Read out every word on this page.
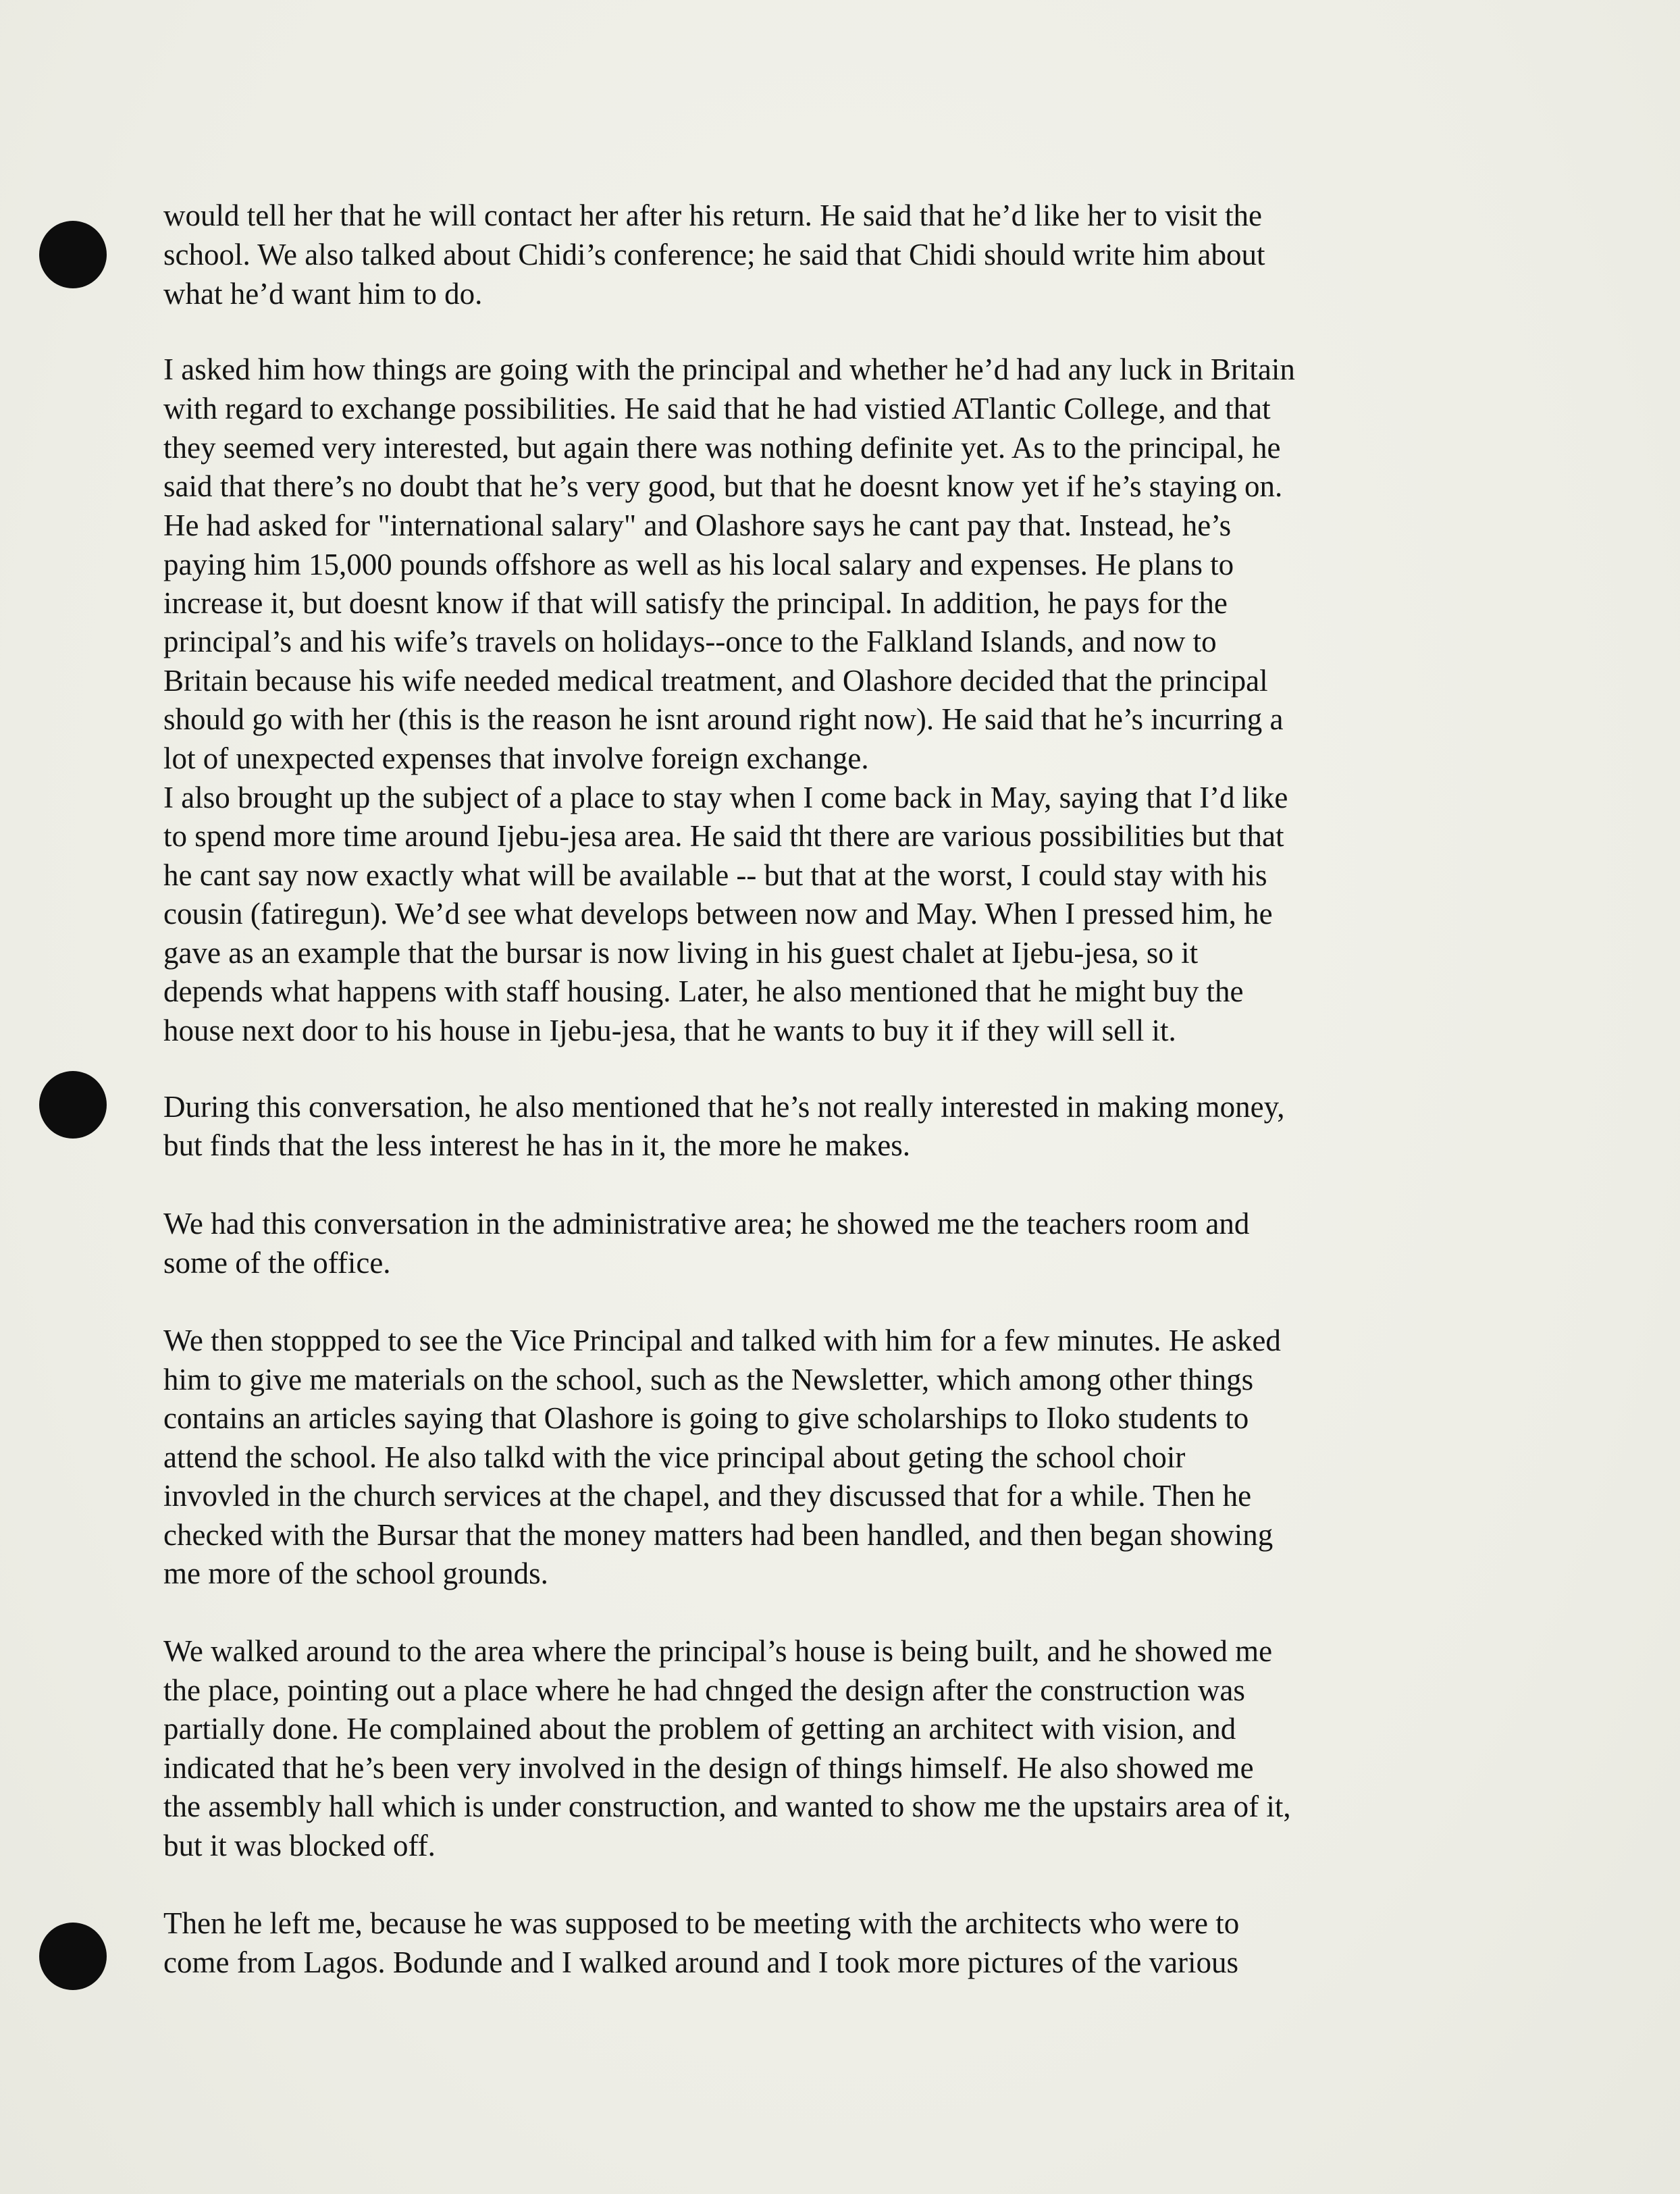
would tell her that he will contact her after his return. He said that he’d like her to visit the
school. We also talked about Chidi’s conference; he said that Chidi should write him about
what he’d want him to do.
I asked him how things are going with the principal and whether he’d had any luck in Britain
with regard to exchange possibilities. He said that he had vistied ATlantic College, and that
they seemed very interested, but again there was nothing definite yet. As to the principal, he
said that there’s no doubt that he’s very good, but that he doesnt know yet if he’s staying on.
He had asked for "international salary" and Olashore says he cant pay that. Instead, he’s
paying him 15,000 pounds offshore as well as his local salary and expenses. He plans to
increase it, but doesnt know if that will satisfy the principal. In addition, he pays for the
principal’s and his wife’s travels on holidays--once to the Falkland Islands, and now to
Britain because his wife needed medical treatment, and Olashore decided that the principal
should go with her (this is the reason he isnt around right now). He said that he’s incurring a
lot of unexpected expenses that involve foreign exchange.
I also brought up the subject of a place to stay when I come back in May, saying that I’d like
to spend more time around Ijebu-jesa area. He said tht there are various possibilities but that
he cant say now exactly what will be available -- but that at the worst, I could stay with his
cousin (fatiregun). We’d see what develops between now and May. When I pressed him, he
gave as an example that the bursar is now living in his guest chalet at Ijebu-jesa, so it
depends what happens with staff housing. Later, he also mentioned that he might buy the
house next door to his house in Ijebu-jesa, that he wants to buy it if they will sell it.
During this conversation, he also mentioned that he’s not really interested in making money,
but finds that the less interest he has in it, the more he makes.
We had this conversation in the administrative area; he showed me the teachers room and
some of the office.
We then stoppped to see the Vice Principal and talked with him for a few minutes. He asked
him to give me materials on the school, such as the Newsletter, which among other things
contains an articles saying that Olashore is going to give scholarships to Iloko students to
attend the school. He also talkd with the vice principal about geting the school choir
invovled in the church services at the chapel, and they discussed that for a while. Then he
checked with the Bursar that the money matters had been handled, and then began showing
me more of the school grounds.
We walked around to the area where the principal’s house is being built, and he showed me
the place, pointing out a place where he had chnged the design after the construction was
partially done. He complained about the problem of getting an architect with vision, and
indicated that he’s been very involved in the design of things himself. He also showed me
the assembly hall which is under construction, and wanted to show me the upstairs area of it,
but it was blocked off.
Then he left me, because he was supposed to be meeting with the architects who were to
come from Lagos. Bodunde and I walked around and I took more pictures of the various
